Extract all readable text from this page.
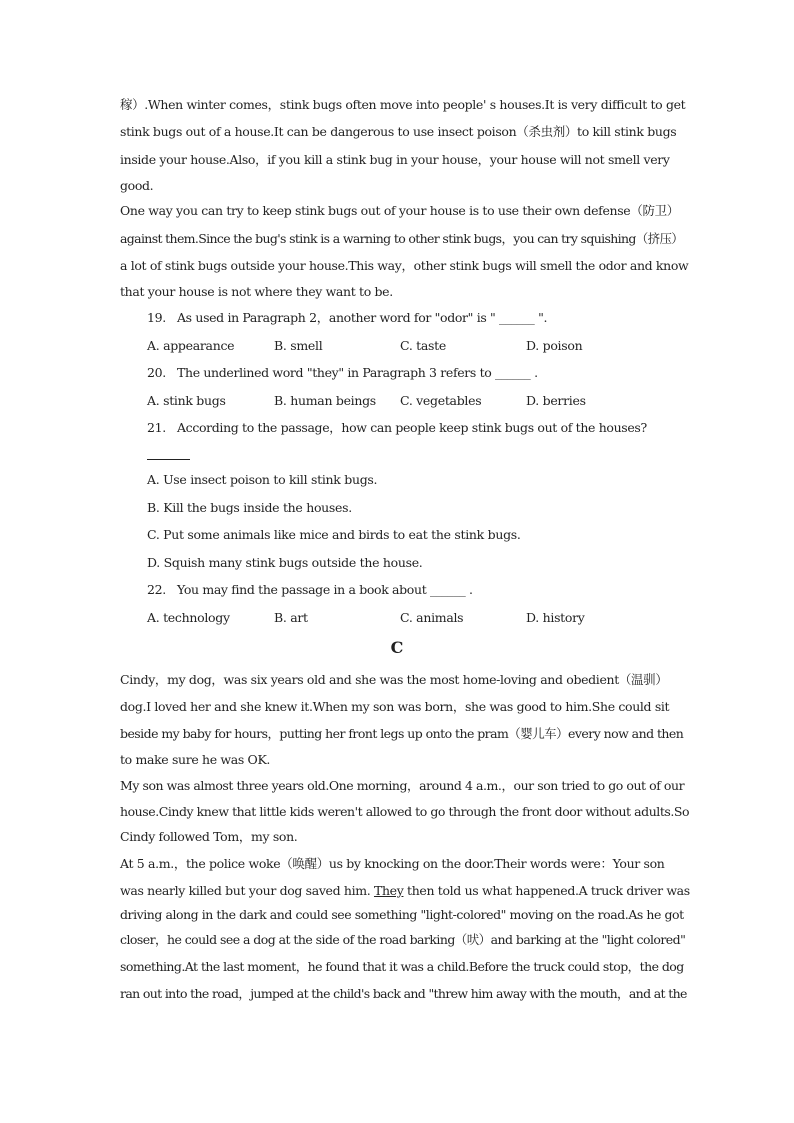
稼）.When winter comes，stink bugs often move into people' s houses.It is very difficult to get
stink bugs out of a house.It can be dangerous to use insect poison（杀虫剂）to kill stink bugs
inside your house.Also，if you kill a stink bug in your house，your house will not smell very
good.
One way you can try to keep stink bugs out of your house is to use their own defense（防卫）
against them.Since the bug's stink is a warning to other stink bugs，you can try squishing（挤压）
a lot of stink bugs outside your house.This way，other stink bugs will smell the odor and know
that your house is not where they want to be.
19. As used in Paragraph 2，another word for "odor" is " ______ ".
A. appearance	B. smell	C. taste	D. poison
20. The underlined word "they" in Paragraph 3 refers to ______ .
A. stink bugs	B. human beings C. vegetables	D. berries
21. According to the passage，how can people keep stink bugs out of the houses?
A. Use insect poison to kill stink bugs.
B. Kill the bugs inside the houses.
C. Put some animals like mice and birds to eat the stink bugs.
D. Squish many stink bugs outside the house.
22. You may find the passage in a book about ______ .
A. technology	B. art	C. animals	D. history
C
Cindy，my dog，was six years old and she was the most home-loving and obedient（温驯）
dog.I loved her and she knew it.When my son was born，she was good to him.She could sit
beside my baby for hours，putting her front legs up onto the pram（婴儿车）every now and then
to make sure he was OK.
My son was almost three years old.One morning，around 4 a.m.，our son tried to go out of our
house.Cindy knew that little kids weren't allowed to go through the front door without adults.So
Cindy followed Tom，my son.
At 5 a.m.，the police woke（唤醒）us by knocking on the door.Their words were：Your son
was nearly killed but your dog saved him. They then told us what happened.A truck driver was
driving along in the dark and could see something "light-colored" moving on the road.As he got
closer，he could see a dog at the side of the road barking（吠）and barking at the "light colored"
something.At the last moment，he found that it was a child.Before the truck could stop，the dog
ran out into the road，jumped at the child's back and "threw him away with the mouth，and at the
